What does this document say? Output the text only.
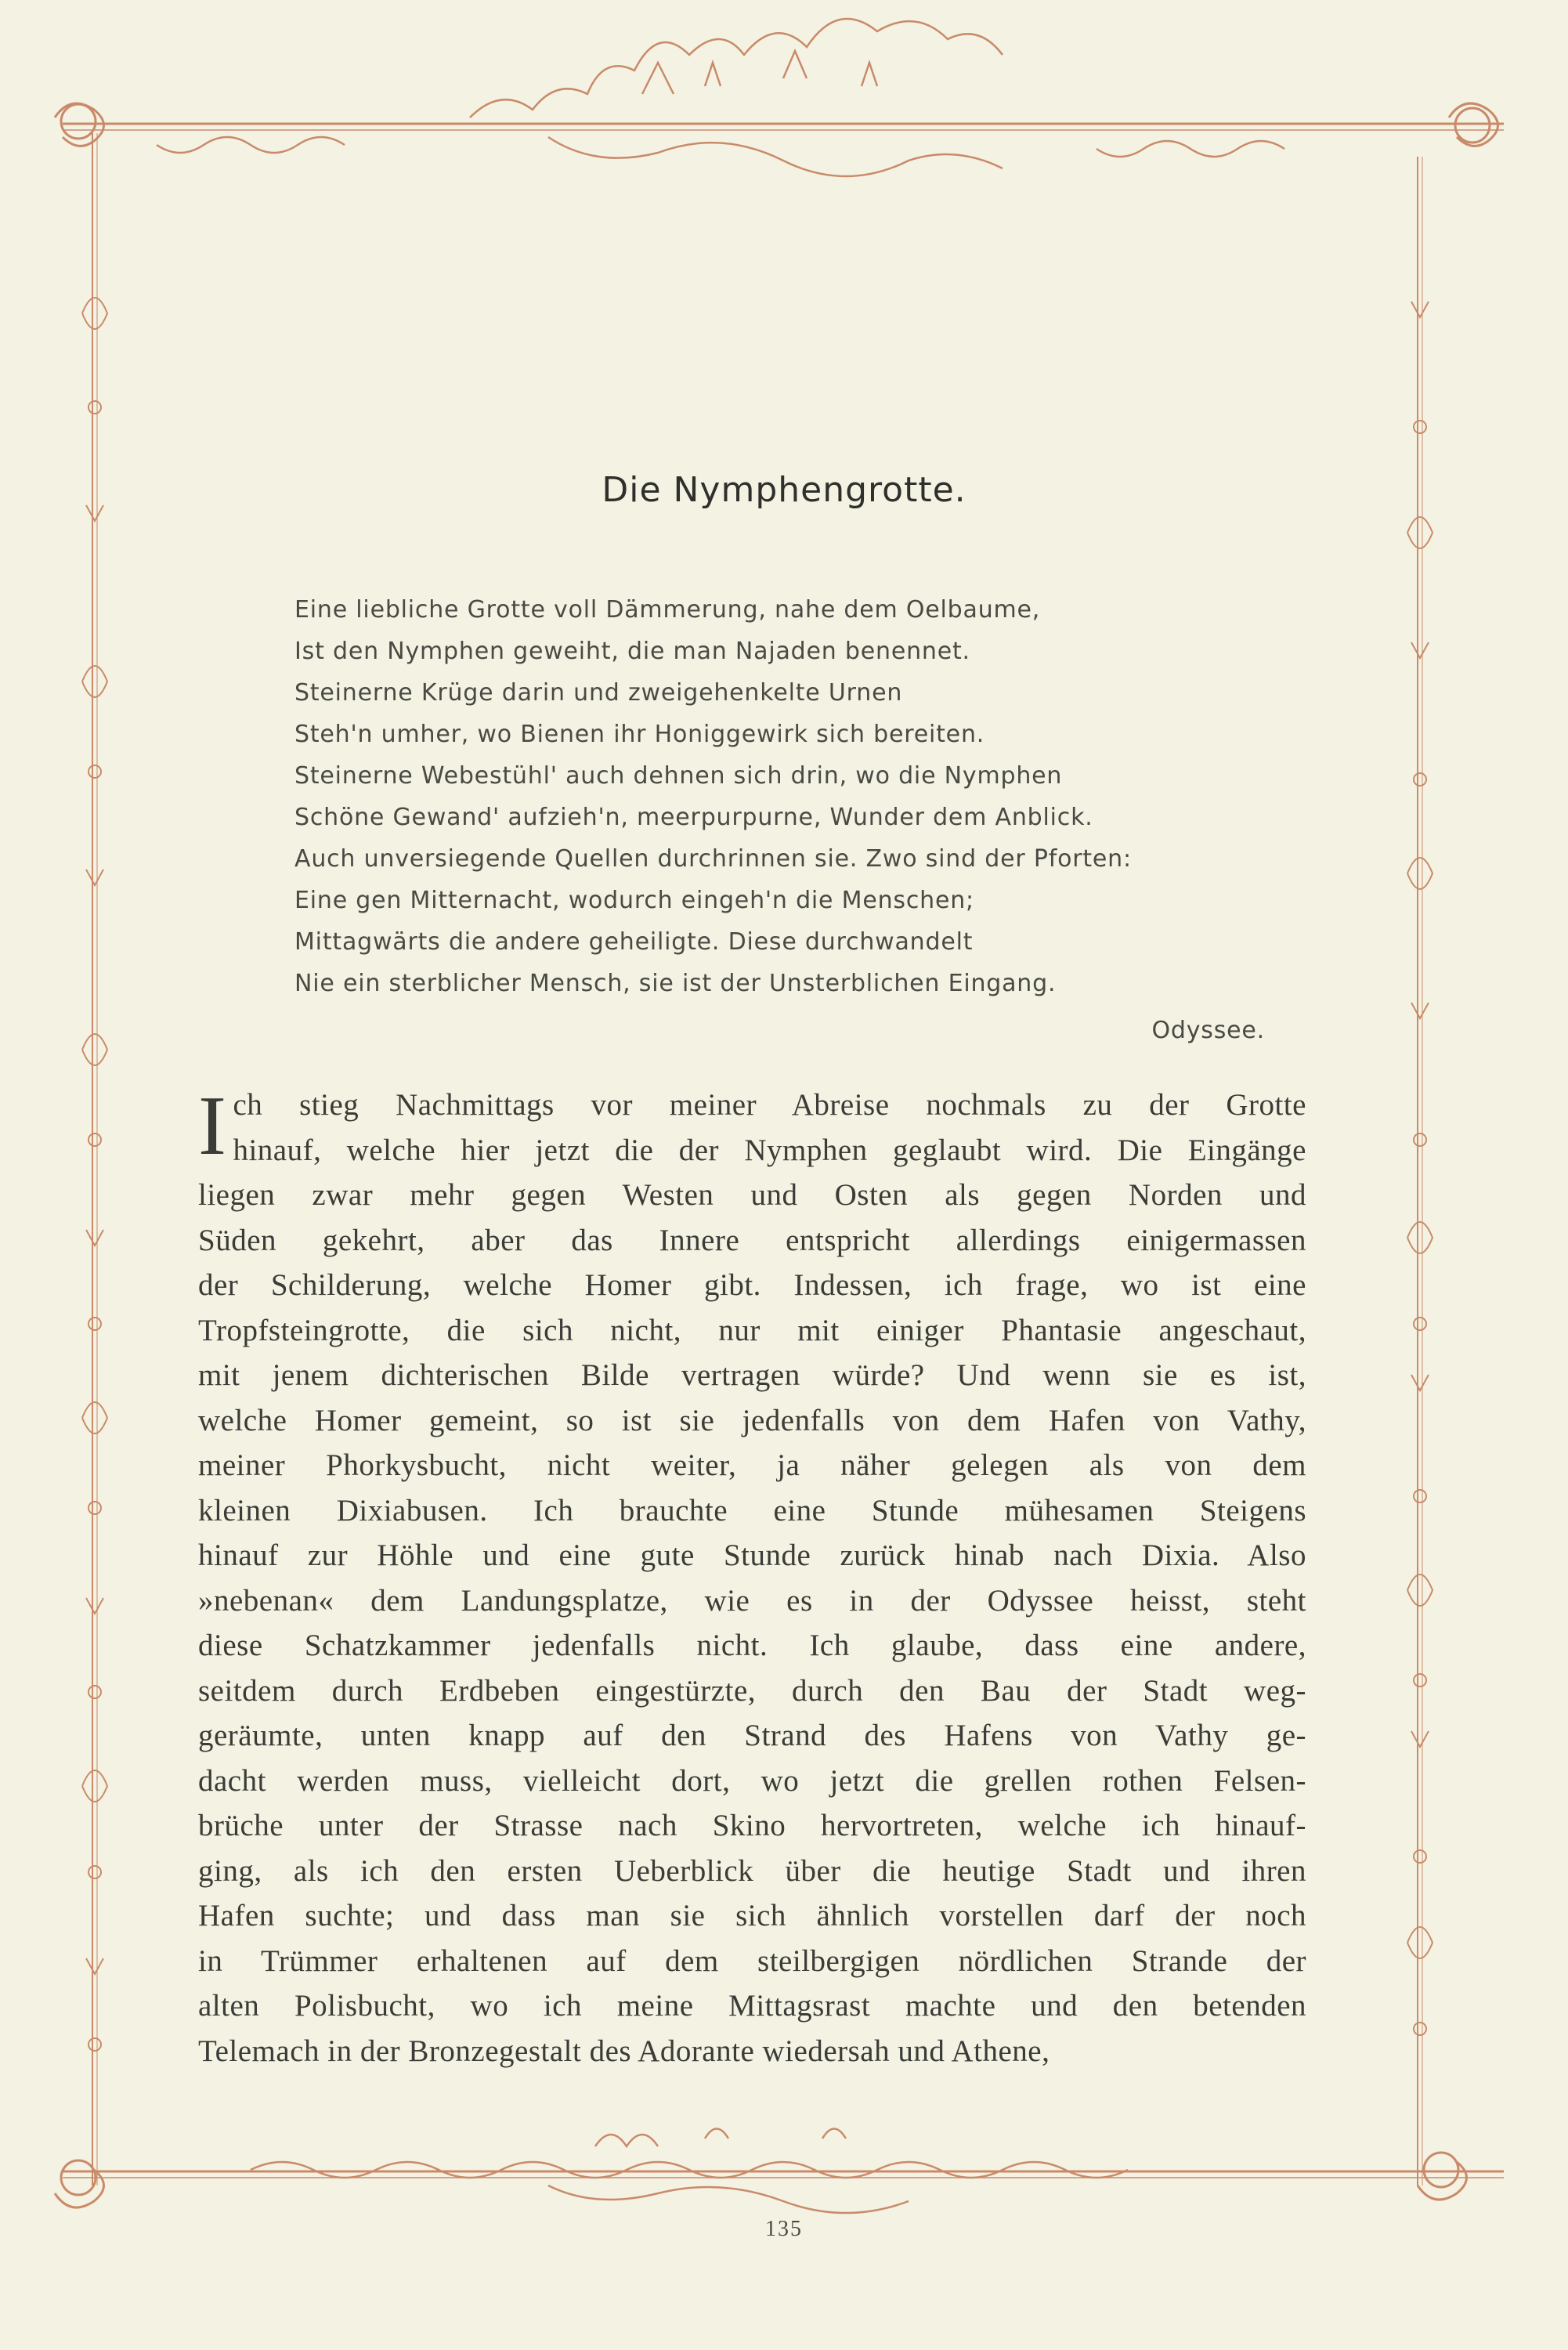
Die Nymphengrotte.
Eine liebliche Grotte voll Dämmerung, nahe dem Oelbaume,
Ist den Nymphen geweiht, die man Najaden benennet.
Steinerne Krüge darin und zweigehenkelte Urnen
Steh'n umher, wo Bienen ihr Honiggewirk sich bereiten.
Steinerne Webestühl' auch dehnen sich drin, wo die Nymphen
Schöne Gewand' aufzieh'n, meerpurpurne, Wunder dem Anblick.
Auch unversiegende Quellen durchrinnen sie. Zwo sind der Pforten:
Eine gen Mitternacht, wodurch eingeh'n die Menschen;
Mittagwärts die andere geheiligte. Diese durchwandelt
Nie ein sterblicher Mensch, sie ist der Unsterblichen Eingang.
Odyssee.
I ch stieg Nachmittags vor meiner Abreise nochmals zu der Grotte
hinauf, welche hier jetzt die der Nymphen geglaubt wird. Die Eingänge
liegen zwar mehr gegen Westen und Osten als gegen Norden und
Süden gekehrt, aber das Innere entspricht allerdings einigermassen
der Schilderung, welche Homer gibt. Indessen, ich frage, wo ist eine
Tropfsteingrotte, die sich nicht, nur mit einiger Phantasie angeschaut,
mit jenem dichterischen Bilde vertragen würde? Und wenn sie es ist,
welche Homer gemeint, so ist sie jedenfalls von dem Hafen von Vathy,
meiner Phorkysbucht, nicht weiter, ja näher gelegen als von dem
kleinen Dixiabusen. Ich brauchte eine Stunde mühesamen Steigens
hinauf zur Höhle und eine gute Stunde zurück hinab nach Dixia. Also
»nebenan« dem Landungsplatze, wie es in der Odyssee heisst, steht
diese Schatzkammer jedenfalls nicht. Ich glaube, dass eine andere,
seitdem durch Erdbeben eingestürzte, durch den Bau der Stadt weg-
geräumte, unten knapp auf den Strand des Hafens von Vathy ge-
dacht werden muss, vielleicht dort, wo jetzt die grellen rothen Felsen-
brüche unter der Strasse nach Skino hervortreten, welche ich hinauf-
ging, als ich den ersten Ueberblick über die heutige Stadt und ihren
Hafen suchte; und dass man sie sich ähnlich vorstellen darf der noch
in Trümmer erhaltenen auf dem steilbergigen nördlichen Strande der
alten Polisbucht, wo ich meine Mittagsrast machte und den betenden
Telemach in der Bronzegestalt des Adorante wiedersah und Athene,
135
